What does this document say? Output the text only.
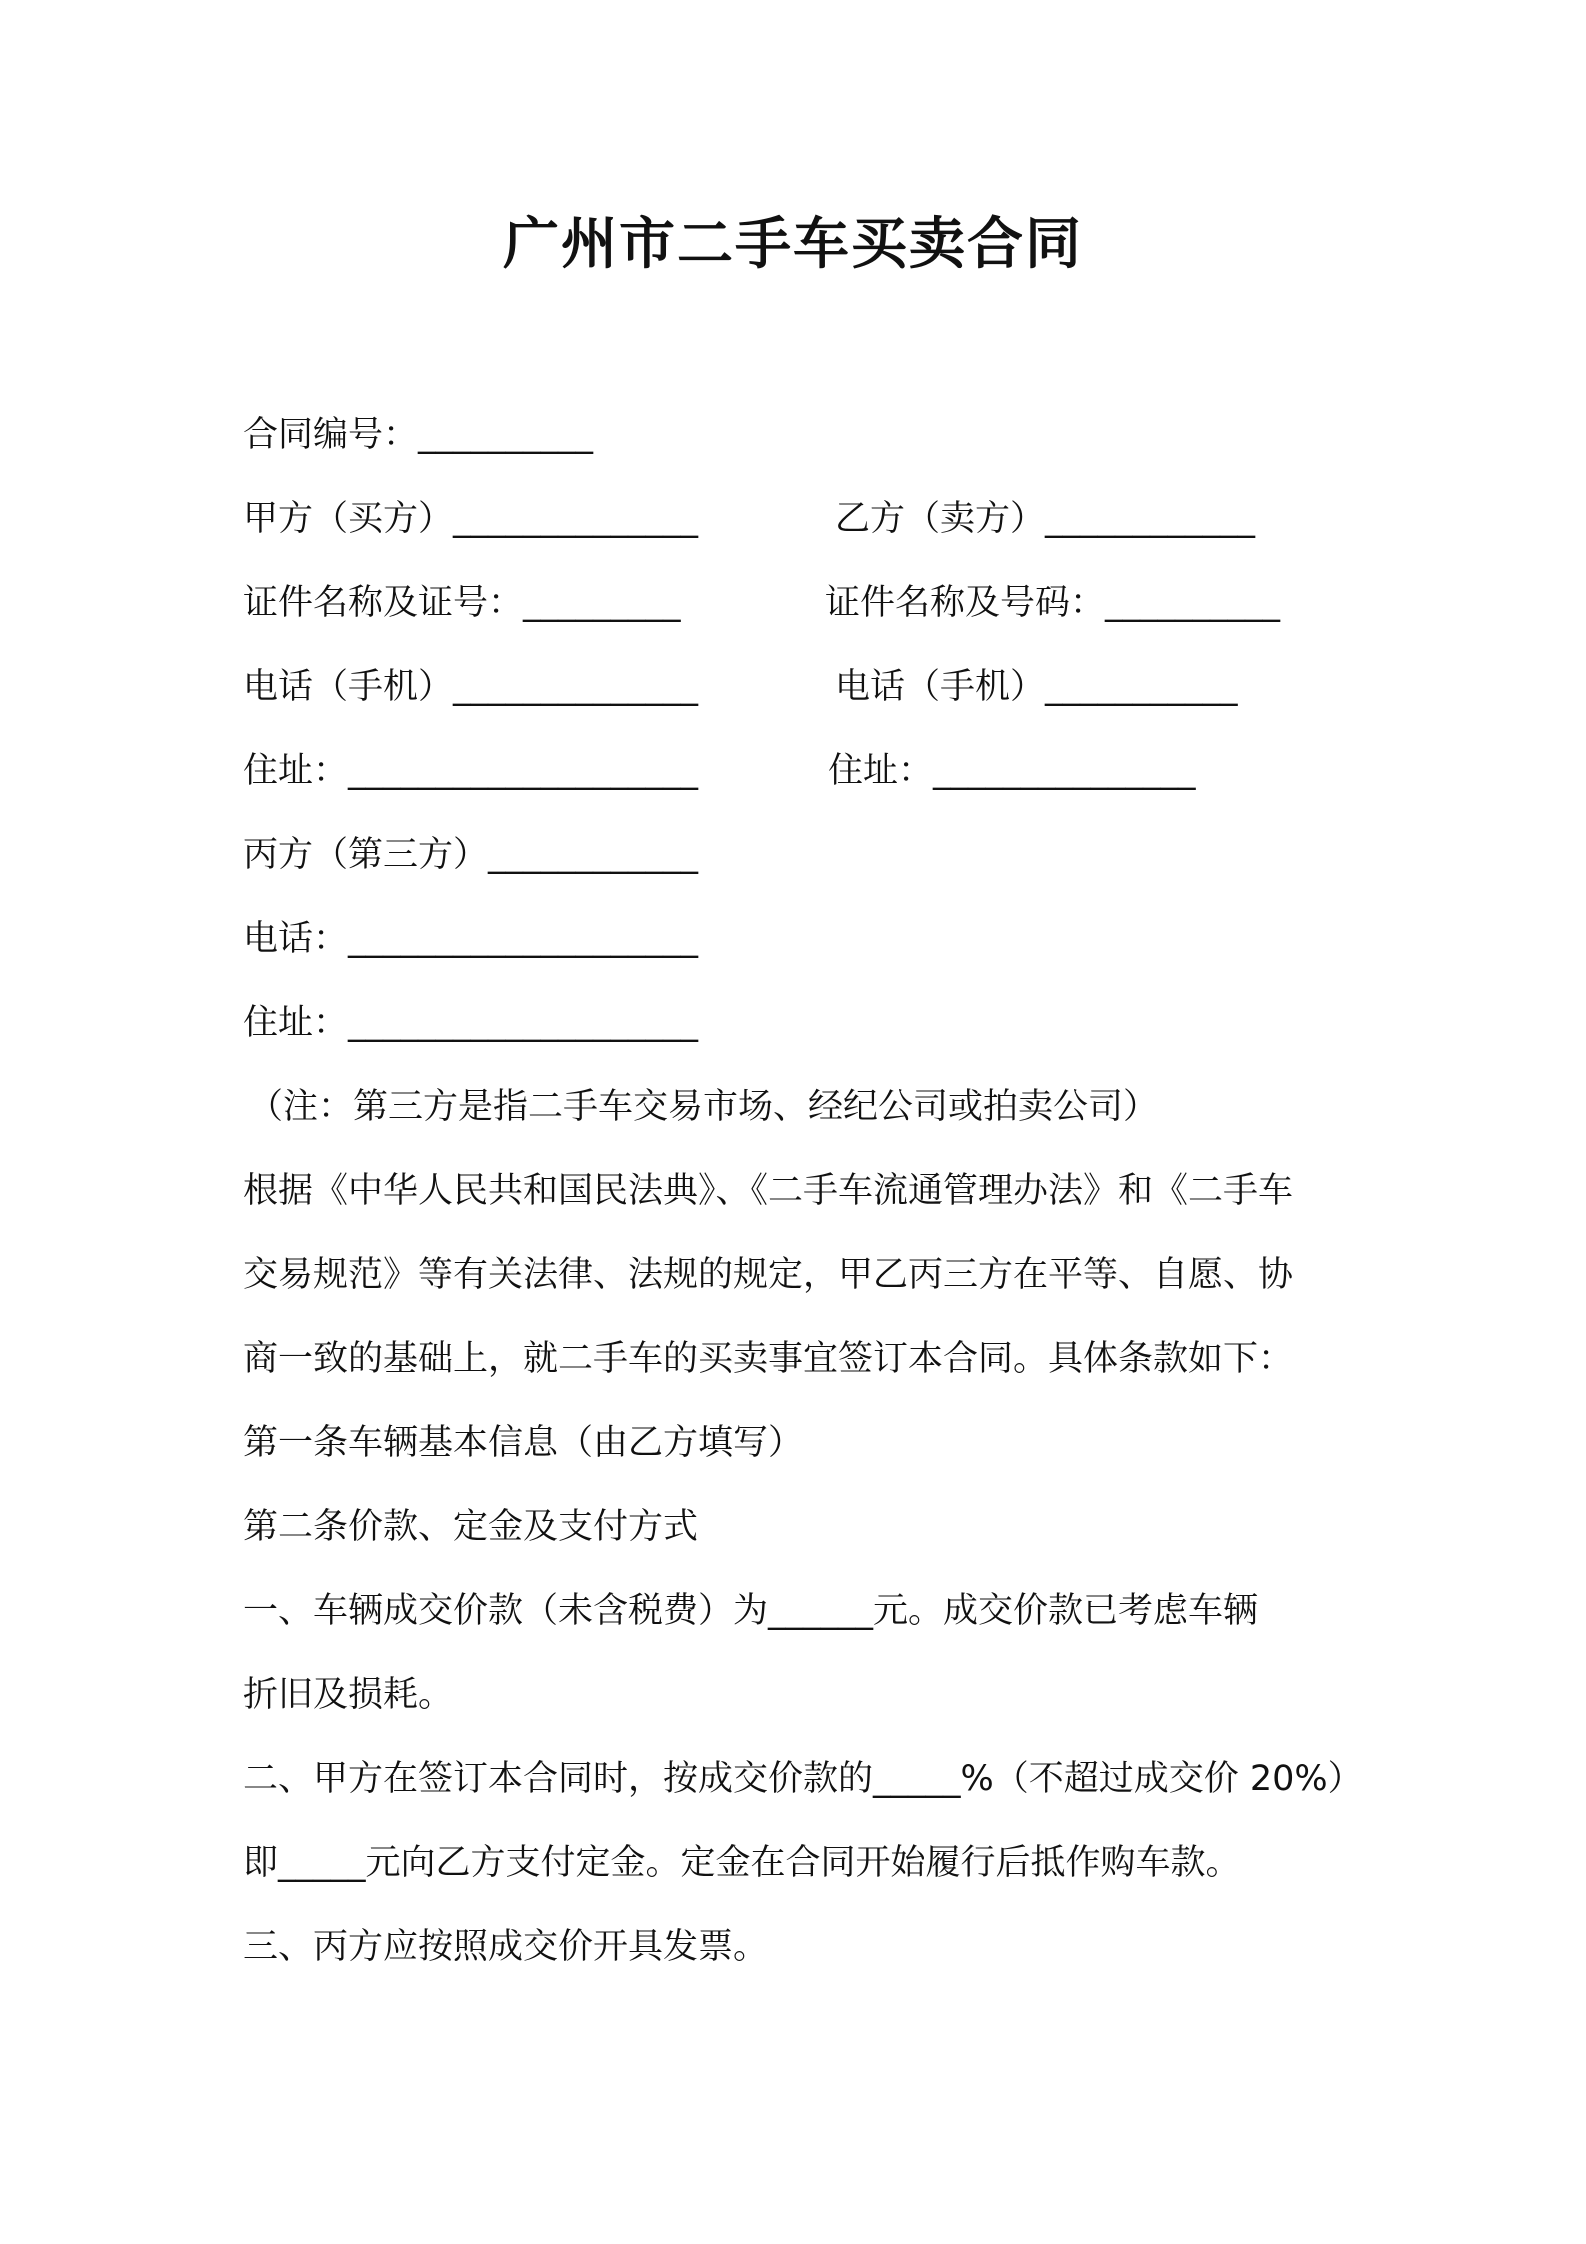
广州市二手车买卖合同
合同编号：__________
甲方（买方）______________	乙方（卖方）____________
证件名称及证号：_________	证件名称及号码：__________
电话（手机）______________	电话（手机）___________
住址：____________________	住址：_______________
丙方（第三方）____________
电话：____________________
住址：____________________
（注：第三方是指二手车交易市场、经纪公司或拍卖公司）
根据《中华人民共和国民法典》、《二手车流通管理办法》和《二手车
交易规范》等有关法律、法规的规定，甲乙丙三方在平等、自愿、协
商一致的基础上，就二手车的买卖事宜签订本合同。具体条款如下：
第一条车辆基本信息（由乙方填写）
第二条价款、定金及支付方式
一、车辆成交价款（未含税费）为______元。成交价款已考虑车辆
折旧及损耗。
二、甲方在签订本合同时，按成交价款的_____%（不超过成交价 20%）
即_____元向乙方支付定金。定金在合同开始履行后抵作购车款。
三、丙方应按照成交价开具发票。
